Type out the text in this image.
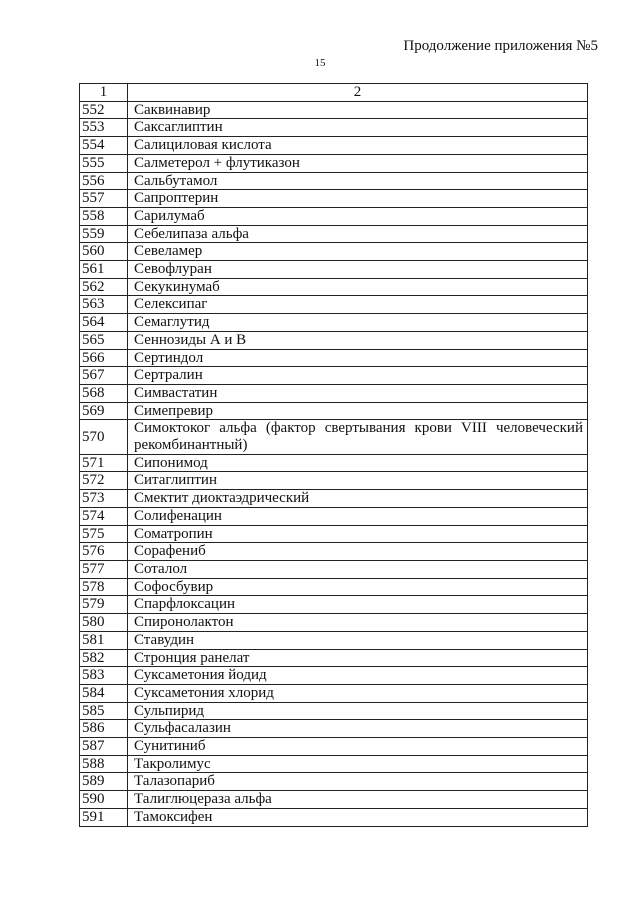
Продолжение приложения №5
15
1	2
552	Саквинавир
553	Саксаглиптин
554	Салициловая кислота
555	Салметерол + флутиказон
556	Сальбутамол
557	Сапроптерин
558	Сарилумаб
559	Себелипаза альфа
560	Севеламер
561	Севофлуран
562	Секукинумаб
563	Селексипаг
564	Семаглутид
565	Сеннозиды А и В
566	Сертиндол
567	Сертралин
568	Симвастатин
569	Симепревир
570	Симоктоког альфа (фактор свертывания крови VIII человеческий рекомбинантный)
571	Сипонимод
572	Ситаглиптин
573	Смектит диоктаэдрический
574	Солифенацин
575	Соматропин
576	Сорафениб
577	Соталол
578	Софосбувир
579	Спарфлоксацин
580	Спиронолактон
581	Ставудин
582	Стронция ранелат
583	Суксаметония йодид
584	Суксаметония хлорид
585	Сульпирид
586	Сульфасалазин
587	Сунитиниб
588	Такролимус
589	Талазопариб
590	Талиглюцераза альфа
591	Тамоксифен
